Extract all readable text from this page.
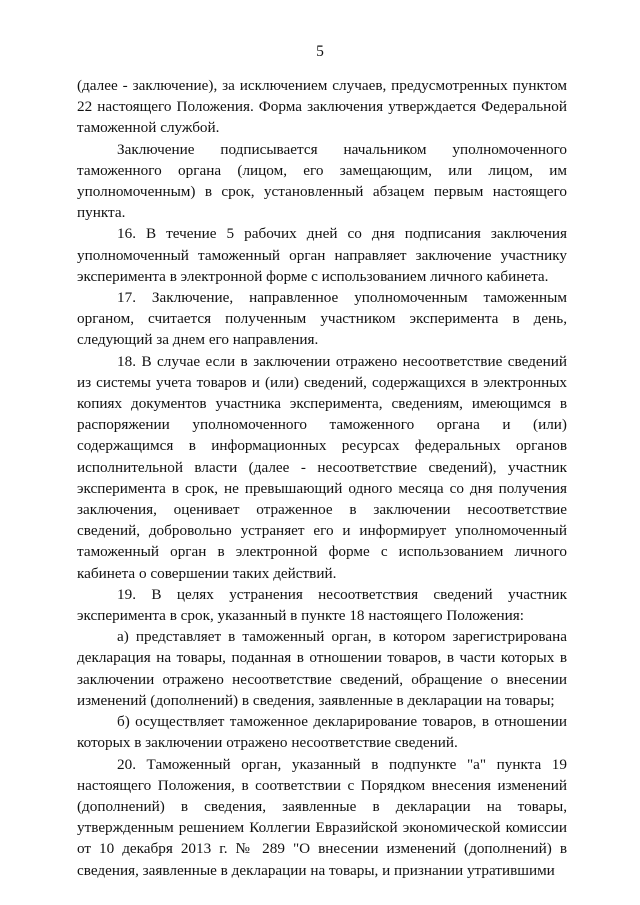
5

(далее - заключение), за исключением случаев, предусмотренных пунктом 22 настоящего Положения. Форма заключения утверждается Федеральной таможенной службой.

Заключение подписывается начальником уполномоченного таможенного органа (лицом, его замещающим, или лицом, им уполномоченным) в срок, установленный абзацем первым настоящего пункта.

16. В течение 5 рабочих дней со дня подписания заключения уполномоченный таможенный орган направляет заключение участнику эксперимента в электронной форме с использованием личного кабинета.

17. Заключение, направленное уполномоченным таможенным органом, считается полученным участником эксперимента в день, следующий за днем его направления.

18. В случае если в заключении отражено несоответствие сведений из системы учета товаров и (или) сведений, содержащихся в электронных копиях документов участника эксперимента, сведениям, имеющимся в распоряжении уполномоченного таможенного органа и (или) содержащимся в информационных ресурсах федеральных органов исполнительной власти (далее - несоответствие сведений), участник эксперимента в срок, не превышающий одного месяца со дня получения заключения, оценивает отраженное в заключении несоответствие сведений, добровольно устраняет его и информирует уполномоченный таможенный орган в электронной форме с использованием личного кабинета о совершении таких действий.

19. В целях устранения несоответствия сведений участник эксперимента в срок, указанный в пункте 18 настоящего Положения:

а) представляет в таможенный орган, в котором зарегистрирована декларация на товары, поданная в отношении товаров, в части которых в заключении отражено несоответствие сведений, обращение о внесении изменений (дополнений) в сведения, заявленные в декларации на товары;

б) осуществляет таможенное декларирование товаров, в отношении которых в заключении отражено несоответствие сведений.

20. Таможенный орган, указанный в подпункте "а" пункта 19 настоящего Положения, в соответствии с Порядком внесения изменений (дополнений) в сведения, заявленные в декларации на товары, утвержденным решением Коллегии Евразийской экономической комиссии от 10 декабря 2013 г. № 289 "О внесении изменений (дополнений) в сведения, заявленные в декларации на товары, и признании утратившими
